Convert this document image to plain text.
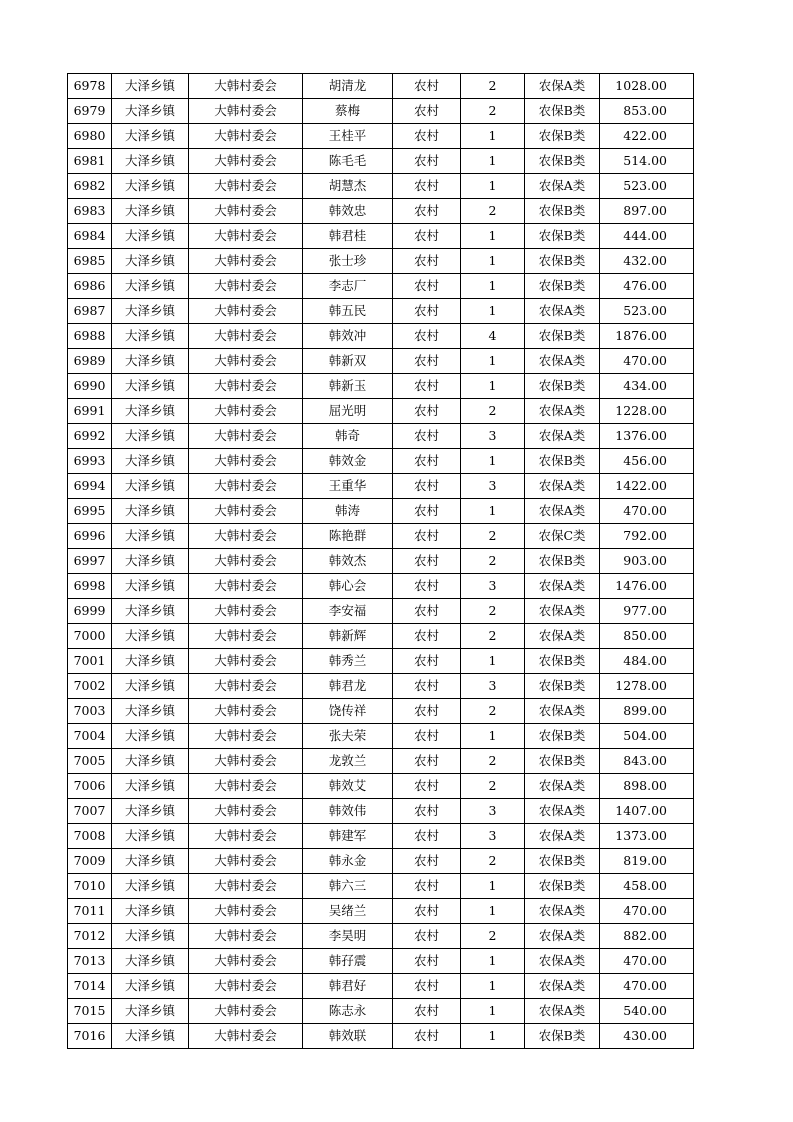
6978	大泽乡镇	大韩村委会	胡清龙	农村	2	农保A类	1028.00
6979	大泽乡镇	大韩村委会	蔡梅	农村	2	农保B类	853.00
6980	大泽乡镇	大韩村委会	王桂平	农村	1	农保B类	422.00
6981	大泽乡镇	大韩村委会	陈毛毛	农村	1	农保B类	514.00
6982	大泽乡镇	大韩村委会	胡慧杰	农村	1	农保A类	523.00
6983	大泽乡镇	大韩村委会	韩效忠	农村	2	农保B类	897.00
6984	大泽乡镇	大韩村委会	韩君桂	农村	1	农保B类	444.00
6985	大泽乡镇	大韩村委会	张士珍	农村	1	农保B类	432.00
6986	大泽乡镇	大韩村委会	李志厂	农村	1	农保B类	476.00
6987	大泽乡镇	大韩村委会	韩五民	农村	1	农保A类	523.00
6988	大泽乡镇	大韩村委会	韩效冲	农村	4	农保B类	1876.00
6989	大泽乡镇	大韩村委会	韩新双	农村	1	农保A类	470.00
6990	大泽乡镇	大韩村委会	韩新玉	农村	1	农保B类	434.00
6991	大泽乡镇	大韩村委会	屈光明	农村	2	农保A类	1228.00
6992	大泽乡镇	大韩村委会	韩奇	农村	3	农保A类	1376.00
6993	大泽乡镇	大韩村委会	韩效金	农村	1	农保B类	456.00
6994	大泽乡镇	大韩村委会	王重华	农村	3	农保A类	1422.00
6995	大泽乡镇	大韩村委会	韩涛	农村	1	农保A类	470.00
6996	大泽乡镇	大韩村委会	陈艳群	农村	2	农保C类	792.00
6997	大泽乡镇	大韩村委会	韩效杰	农村	2	农保B类	903.00
6998	大泽乡镇	大韩村委会	韩心会	农村	3	农保A类	1476.00
6999	大泽乡镇	大韩村委会	李安福	农村	2	农保A类	977.00
7000	大泽乡镇	大韩村委会	韩新辉	农村	2	农保A类	850.00
7001	大泽乡镇	大韩村委会	韩秀兰	农村	1	农保B类	484.00
7002	大泽乡镇	大韩村委会	韩君龙	农村	3	农保B类	1278.00
7003	大泽乡镇	大韩村委会	饶传祥	农村	2	农保A类	899.00
7004	大泽乡镇	大韩村委会	张夫荣	农村	1	农保B类	504.00
7005	大泽乡镇	大韩村委会	龙敦兰	农村	2	农保B类	843.00
7006	大泽乡镇	大韩村委会	韩效艾	农村	2	农保A类	898.00
7007	大泽乡镇	大韩村委会	韩效伟	农村	3	农保A类	1407.00
7008	大泽乡镇	大韩村委会	韩建军	农村	3	农保A类	1373.00
7009	大泽乡镇	大韩村委会	韩永金	农村	2	农保B类	819.00
7010	大泽乡镇	大韩村委会	韩六三	农村	1	农保B类	458.00
7011	大泽乡镇	大韩村委会	吴绪兰	农村	1	农保A类	470.00
7012	大泽乡镇	大韩村委会	李昊明	农村	2	农保A类	882.00
7013	大泽乡镇	大韩村委会	韩孖震	农村	1	农保A类	470.00
7014	大泽乡镇	大韩村委会	韩君好	农村	1	农保A类	470.00
7015	大泽乡镇	大韩村委会	陈志永	农村	1	农保A类	540.00
7016	大泽乡镇	大韩村委会	韩效联	农村	1	农保B类	430.00
